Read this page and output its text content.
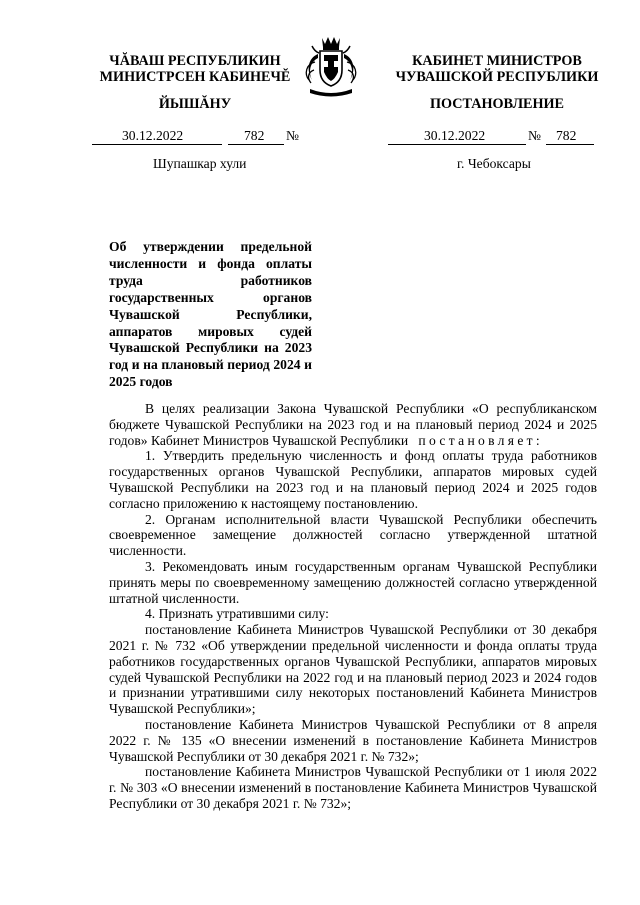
ЧĂВАШ РЕСПУБЛИКИН
МИНИСТРСЕН КАБИНЕЧĔ
ЙЫШĂНУ
КАБИНЕТ МИНИСТРОВ
ЧУВАШСКОЙ РЕСПУБЛИКИ
ПОСТАНОВЛЕНИЕ
30.12.2022	782 №	30.12.2022	№ 782
Шупашкар хули	г. Чебоксары
Об утверждении предельной численности и фонда оплаты труда работников государственных органов Чувашской Республики, аппаратов мировых судей Чувашской Республики на 2023 год и на плановый период 2024 и 2025 годов

В целях реализации Закона Чувашской Республики «О республиканском бюджете Чувашской Республики на 2023 год и на плановый период 2024 и 2025 годов» Кабинет Министров Чувашской Республики постановляет:

1. Утвердить предельную численность и фонд оплаты труда работников государственных органов Чувашской Республики, аппаратов мировых судей Чувашской Республики на 2023 год и на плановый период 2024 и 2025 годов согласно приложению к настоящему постановлению.

2. Органам исполнительной власти Чувашской Республики обеспечить своевременное замещение должностей согласно утвержденной штатной численности.

3. Рекомендовать иным государственным органам Чувашской Республики принять меры по своевременному замещению должностей согласно утвержденной штатной численности.

4. Признать утратившими силу:

постановление Кабинета Министров Чувашской Республики от 30 декабря 2021 г. № 732 «Об утверждении предельной численности и фонда оплаты труда работников государственных органов Чувашской Республики, аппаратов мировых судей Чувашской Республики на 2022 год и на плановый период 2023 и 2024 годов и признании утратившими силу некоторых постановлений Кабинета Министров Чувашской Республики»;

постановление Кабинета Министров Чувашской Республики от 8 апреля 2022 г. № 135 «О внесении изменений в постановление Кабинета Министров Чувашской Республики от 30 декабря 2021 г. № 732»;

постановление Кабинета Министров Чувашской Республики от 1 июля 2022 г. № 303 «О внесении изменений в постановление Кабинета Министров Чувашской Республики от 30 декабря 2021 г. № 732»;
